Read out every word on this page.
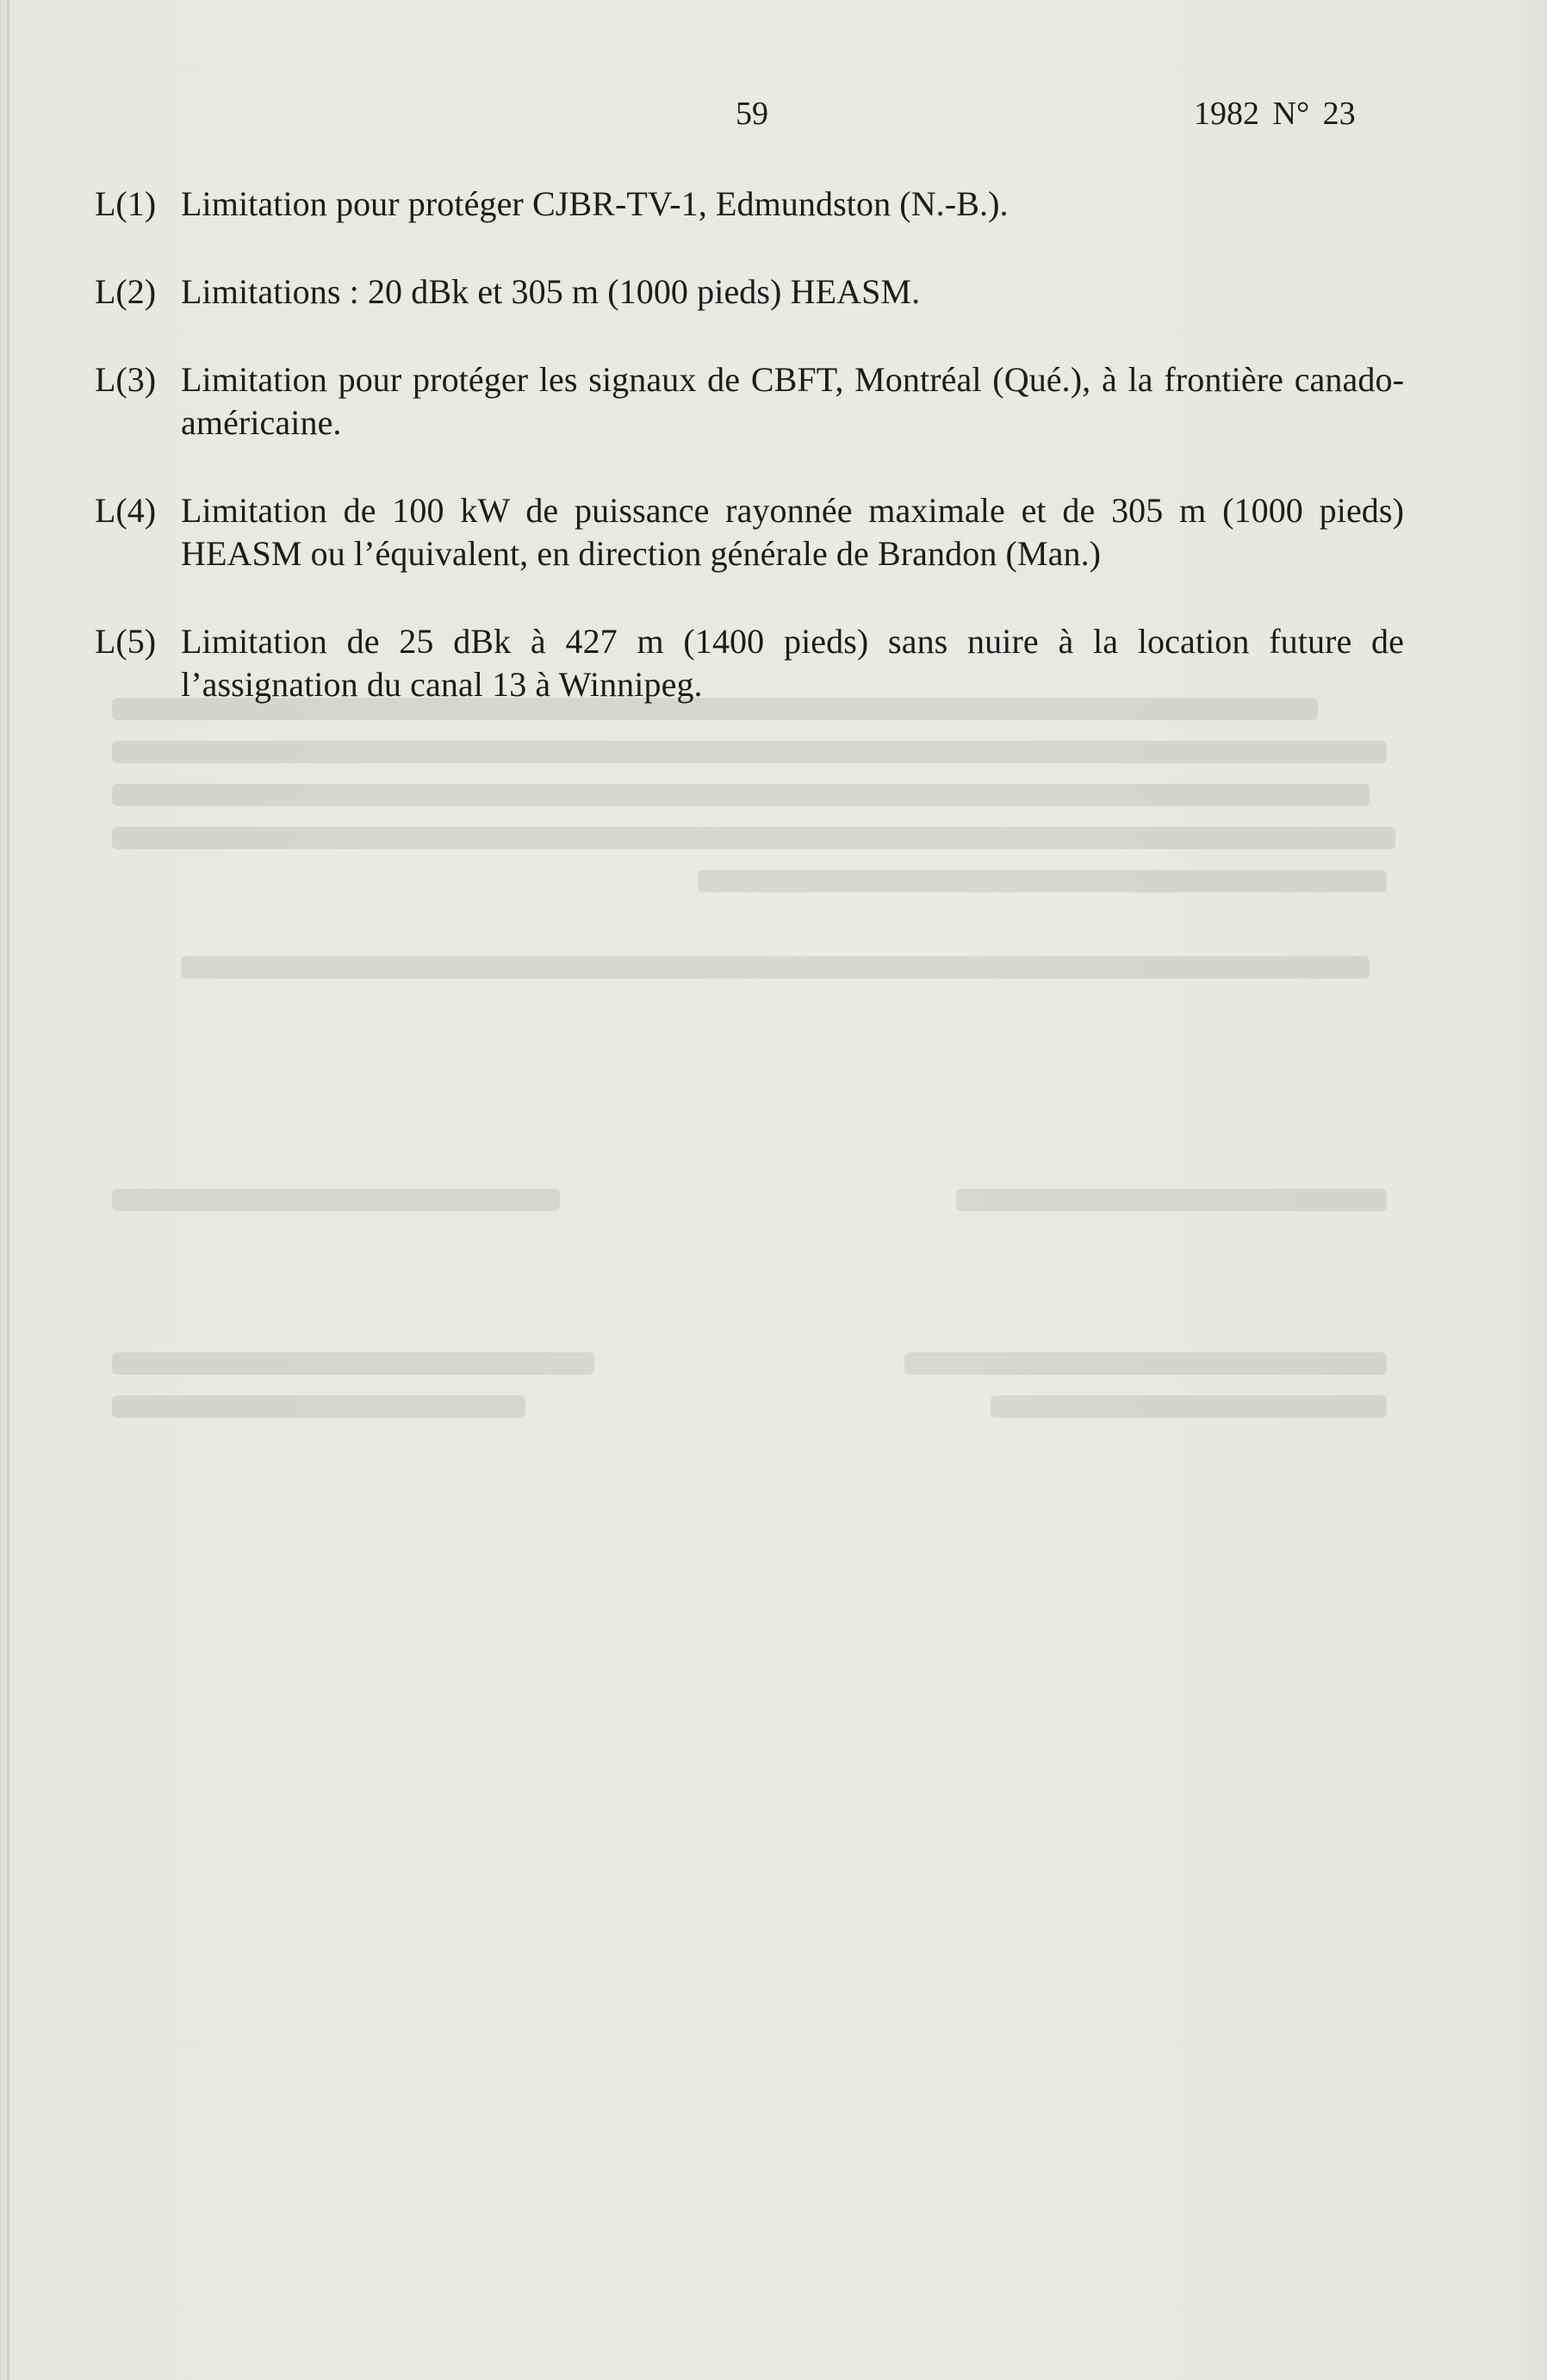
59	1982 N° 23
L(1) Limitation pour protéger CJBR-TV-1, Edmundston (N.-B.).
L(2) Limitations : 20 dBk et 305 m (1000 pieds) HEASM.
L(3) Limitation pour protéger les signaux de CBFT, Montréal (Qué.), à la frontière canado-américaine.
L(4) Limitation de 100 kW de puissance rayonnée maximale et de 305 m (1000 pieds) HEASM ou l’équivalent, en direction générale de Brandon (Man.)
L(5) Limitation de 25 dBk à 427 m (1400 pieds) sans nuire à la location future de l’assignation du canal 13 à Winnipeg.
